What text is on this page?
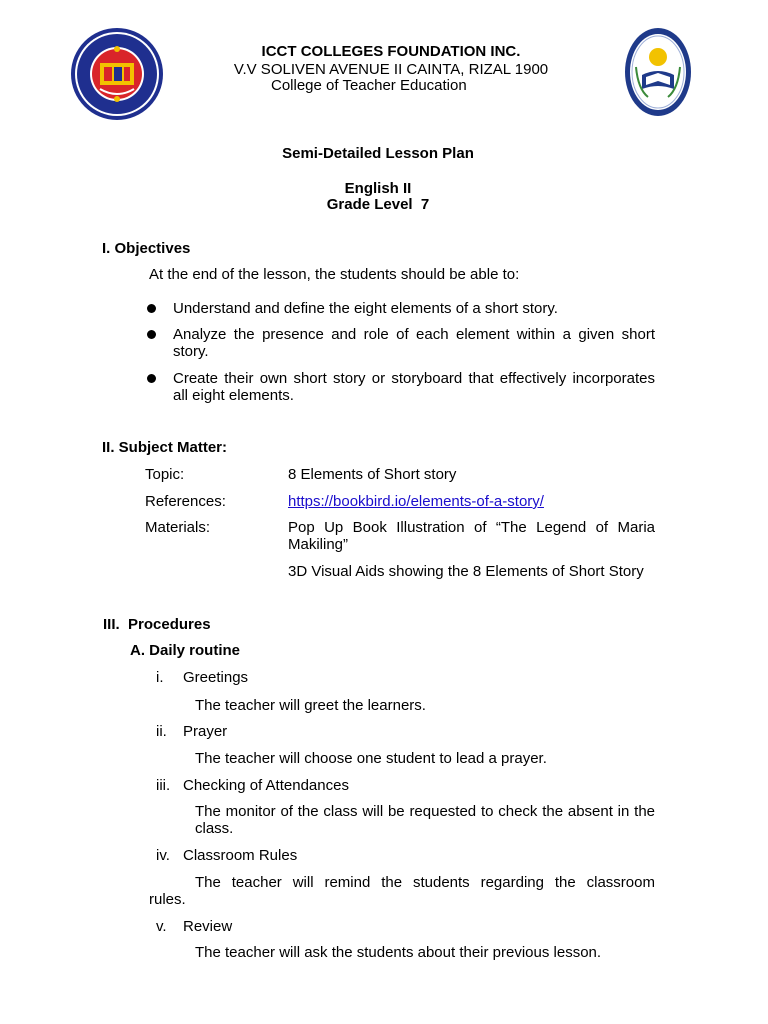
ICCT COLLEGES FOUNDATION INC.
V.V SOLIVEN AVENUE II CAINTA, RIZAL 1900
College of Teacher Education
Semi-Detailed Lesson Plan
English II
Grade Level  7
I. Objectives
At the end of the lesson, the students should be able to:
Understand and define the eight elements of a short story.
Analyze the presence and role of each element within a given short story.
Create their own short story or storyboard that effectively incorporates all eight elements.
II. Subject Matter:
Topic:	8 Elements of Short story
References:	https://bookbird.io/elements-of-a-story/
Materials:	Pop Up Book Illustration of “The Legend of Maria Makiling”
3D Visual Aids showing the 8 Elements of Short Story
III.  Procedures
A. Daily routine
i. Greetings
The teacher will greet the learners.
ii. Prayer
The teacher will choose one student to lead a prayer.
iii. Checking of Attendances
The monitor of the class will be requested to check the absent in the class.
iv. Classroom Rules
The teacher will remind the students regarding the classroom
rules.
v. Review
The teacher will ask the students about their previous lesson.
